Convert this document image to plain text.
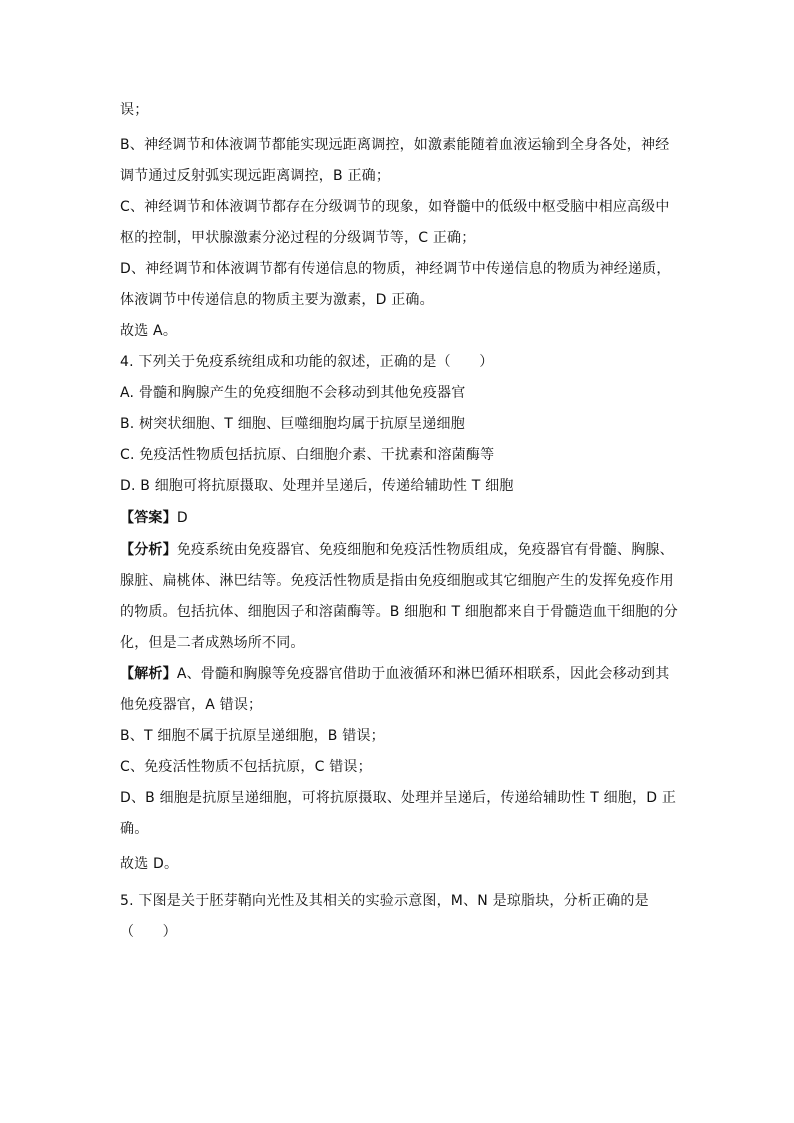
误；
B、神经调节和体液调节都能实现远距离调控，如激素能随着血液运输到全身各处，神经
调节通过反射弧实现远距离调控，B 正确；
C、神经调节和体液调节都存在分级调节的现象，如脊髓中的低级中枢受脑中相应高级中
枢的控制，甲状腺激素分泌过程的分级调节等，C 正确；
D、神经调节和体液调节都有传递信息的物质，神经调节中传递信息的物质为神经递质，
体液调节中传递信息的物质主要为激素，D 正确。
故选 A。
4. 下列关于免疫系统组成和功能的叙述，正确的是（　　）
A. 骨髓和胸腺产生的免疫细胞不会移动到其他免疫器官
B. 树突状细胞、T 细胞、巨噬细胞均属于抗原呈递细胞
C. 免疫活性物质包括抗原、白细胞介素、干扰素和溶菌酶等
D. B 细胞可将抗原摄取、处理并呈递后，传递给辅助性 T 细胞
【答案】D
【分析】免疫系统由免疫器官、免疫细胞和免疫活性物质组成，免疫器官有骨髓、胸腺、
腺脏、扁桃体、淋巴结等。免疫活性物质是指由免疫细胞或其它细胞产生的发挥免疫作用
的物质。包括抗体、细胞因子和溶菌酶等。B 细胞和 T 细胞都来自于骨髓造血干细胞的分
化，但是二者成熟场所不同。
【解析】A、骨髓和胸腺等免疫器官借助于血液循环和淋巴循环相联系，因此会移动到其
他免疫器官，A 错误；
B、T 细胞不属于抗原呈递细胞，B 错误；
C、免疫活性物质不包括抗原，C 错误；
D、B 细胞是抗原呈递细胞，可将抗原摄取、处理并呈递后，传递给辅助性 T 细胞，D 正
确。
故选 D。
5. 下图是关于胚芽鞘向光性及其相关的实验示意图，M、N 是琼脂块，分析正确的是
（　　）
